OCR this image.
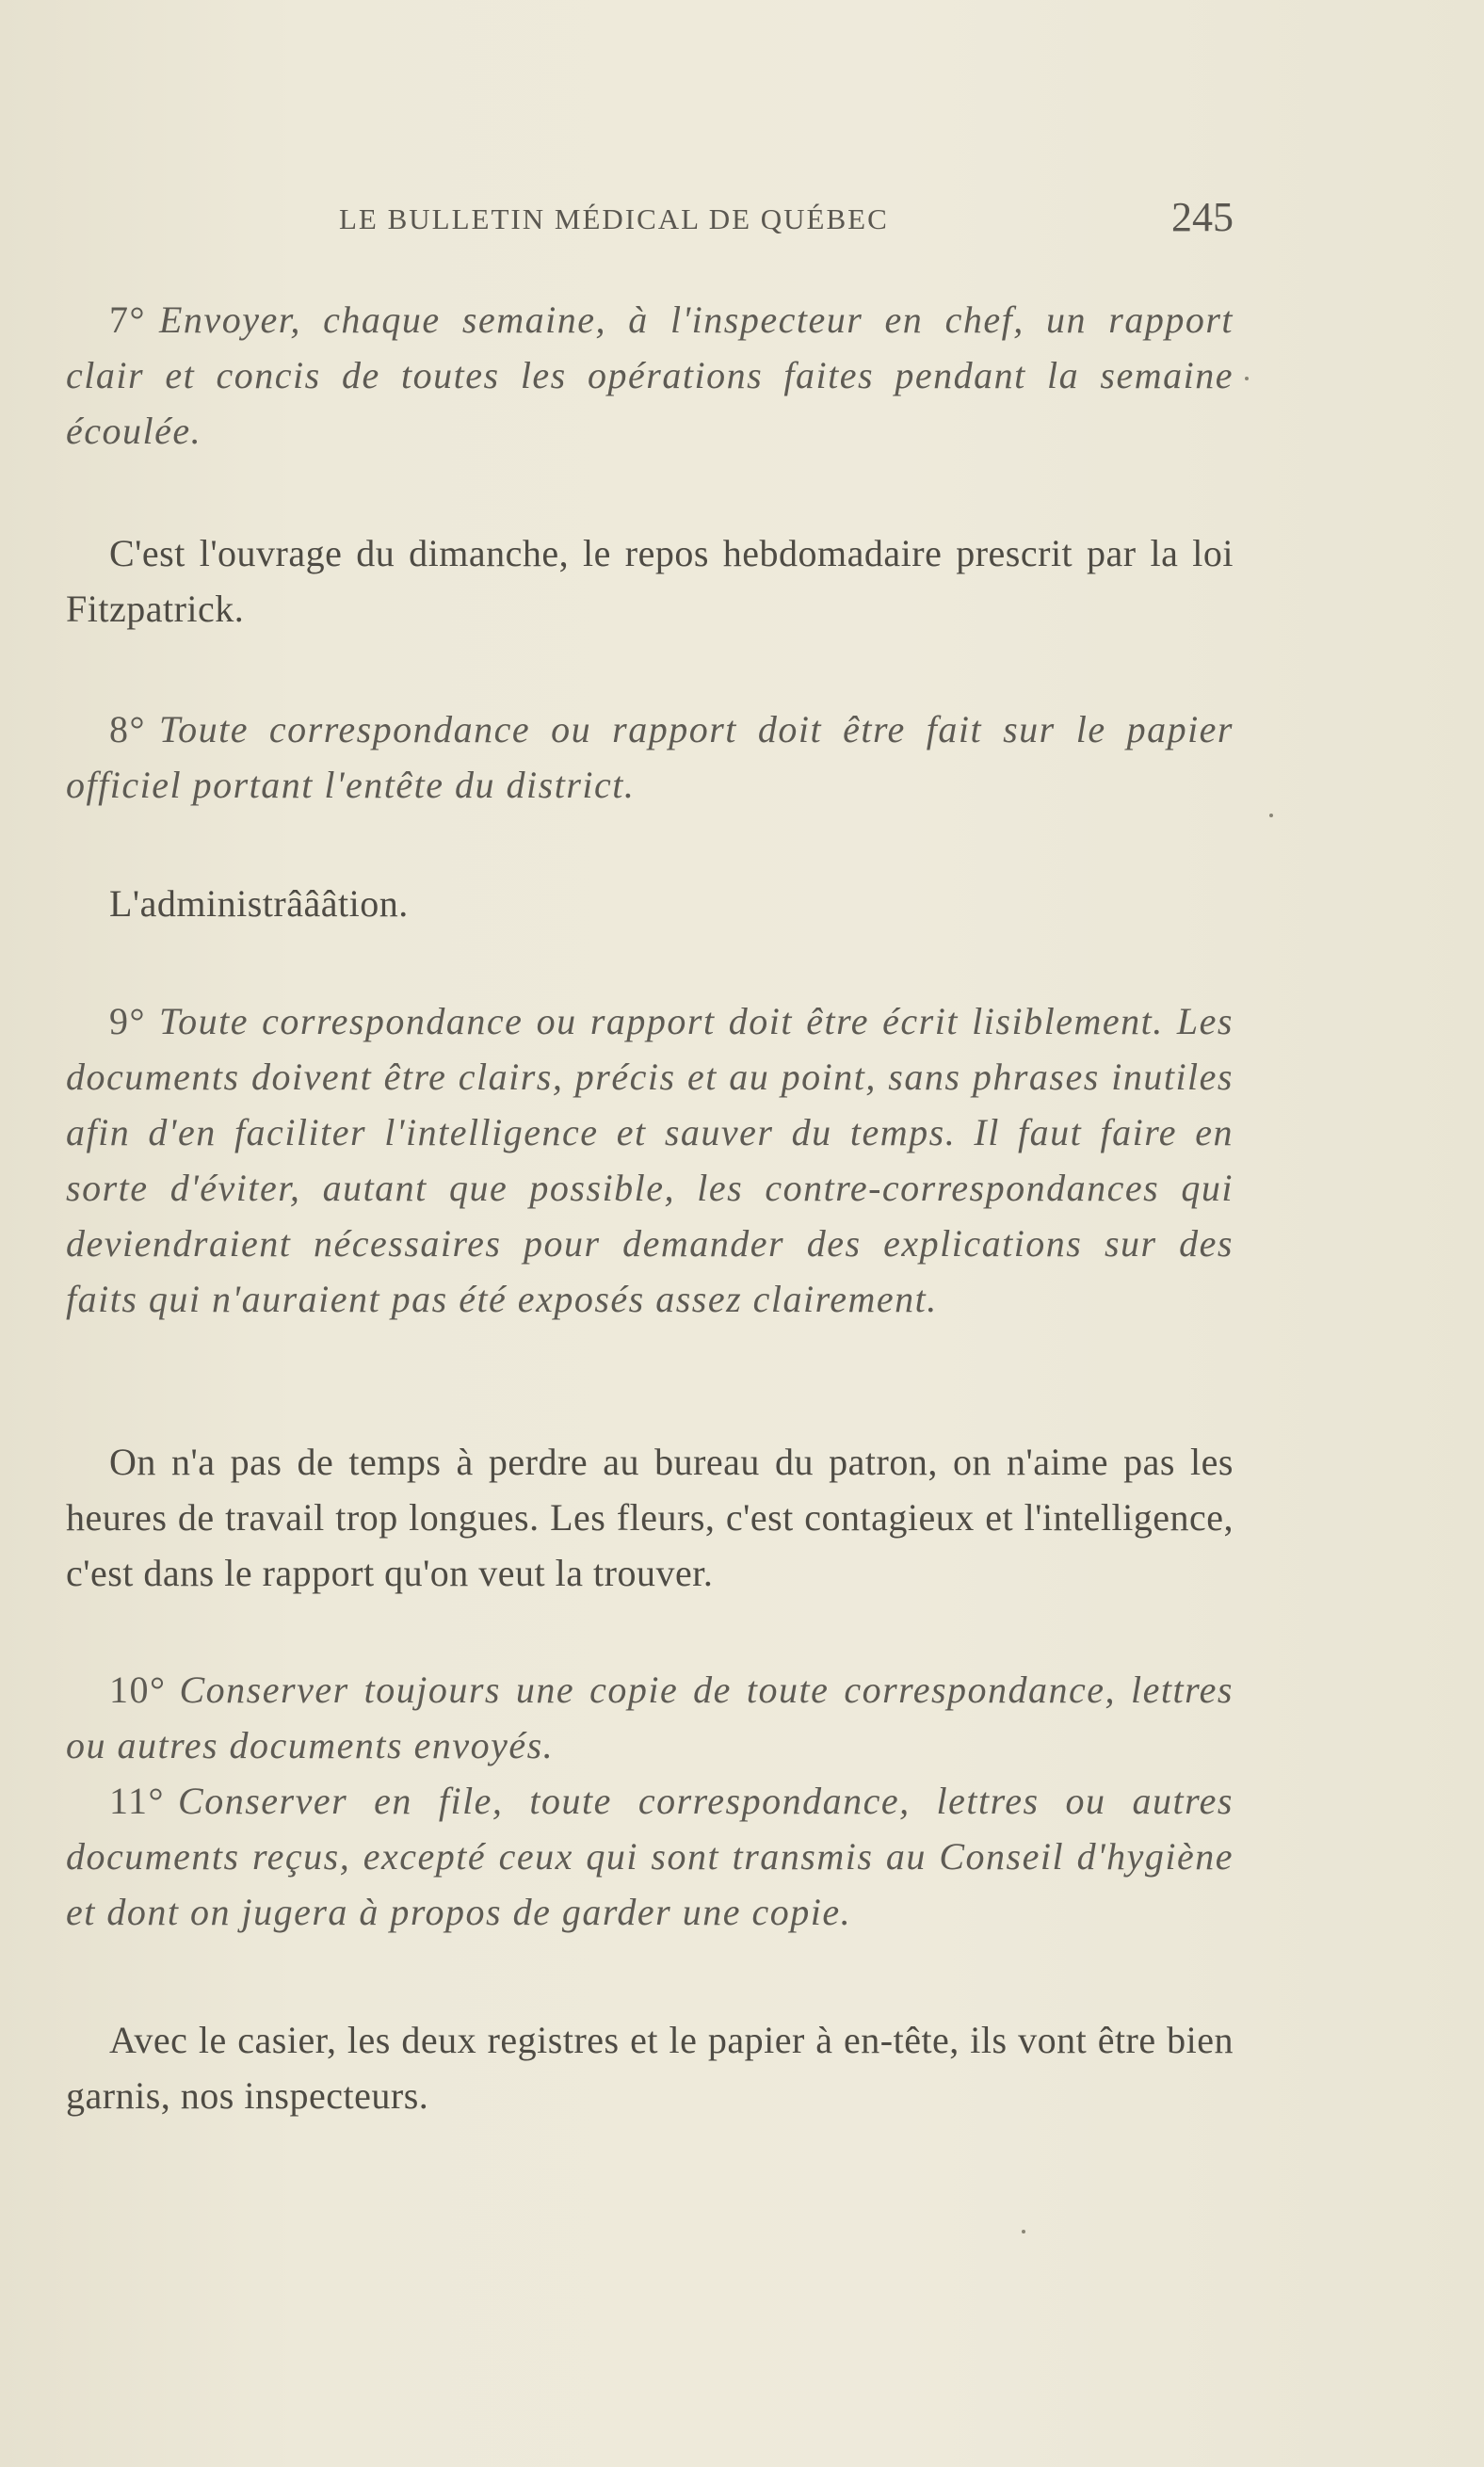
LE BULLETIN MÉDICAL DE QUÉBEC	245

7° Envoyer, chaque semaine, à l'inspecteur en chef, un rapport clair et concis de toutes les opérations faites pendant la semaine écoulée.

C'est l'ouvrage du dimanche, le repos hebdomadaire prescrit par la loi Fitzpatrick.

8° Toute correspondance ou rapport doit être fait sur le papier officiel portant l'entête du district.

L'administrâââtion.

9° Toute correspondance ou rapport doit être écrit lisiblement. Les documents doivent être clairs, précis et au point, sans phrases inutiles afin d'en faciliter l'intelligence et sauver du temps. Il faut faire en sorte d'éviter, autant que possible, les contre-correspondances qui deviendraient nécessaires pour demander des explications sur des faits qui n'auraient pas été exposés assez clairement.

On n'a pas de temps à perdre au bureau du patron, on n'aime pas les heures de travail trop longues. Les fleurs, c'est contagieux et l'intelligence, c'est dans le rapport qu'on veut la trouver.

10° Conserver toujours une copie de toute correspondance, lettres ou autres documents envoyés.

11° Conserver en file, toute correspondance, lettres ou autres documents reçus, excepté ceux qui sont transmis au Conseil d'hygiène et dont on jugera à propos de garder une copie.

Avec le casier, les deux registres et le papier à en-tête, ils vont être bien garnis, nos inspecteurs.
